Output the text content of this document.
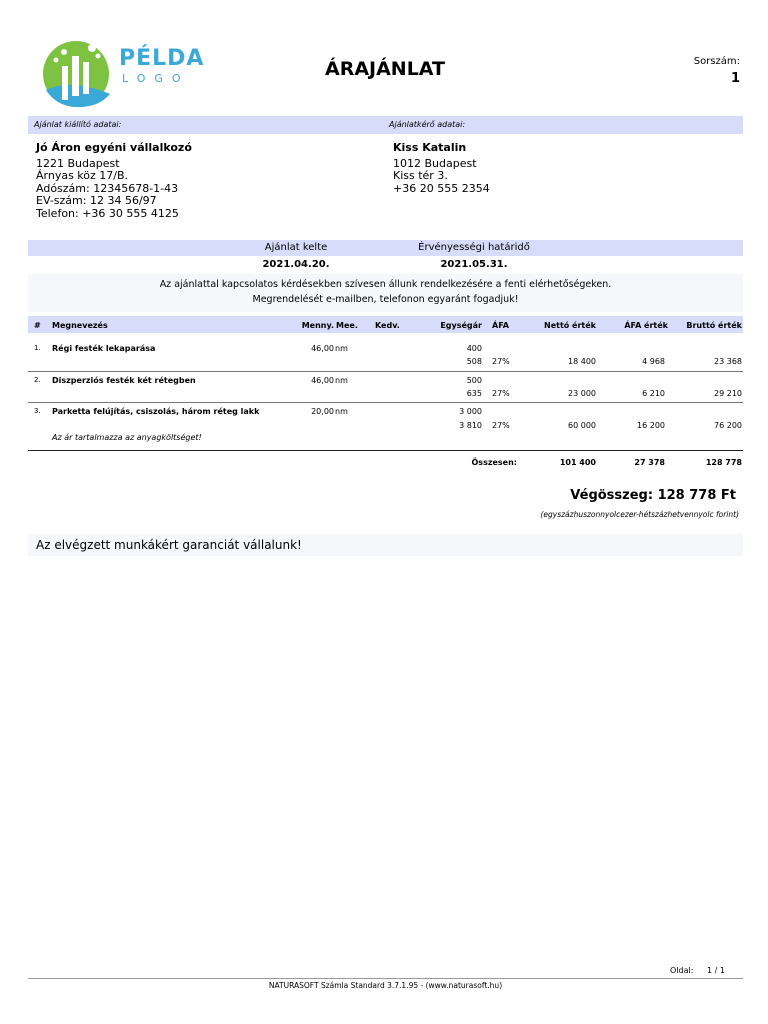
PÉLDA
LOGO	ÁRAJÁNLAT	Sorszám:
1
Ajánlat kiállító adatai:	Ajánlatkérő adatai:
Jó Áron egyéni vállalkozó
1221 Budapest
Árnyas köz 17/B.
Adószám: 12345678-1-43
EV-szám: 12 34 56/97
Telefon: +36 30 555 4125
Kiss Katalin
1012 Budapest
Kiss tér 3.
+36 20 555 2354
Ajánlat kelte	Érvényességi határidő
2021.04.20.	2021.05.31.
Az ajánlattal kapcsolatos kérdésekben szívesen állunk rendelkezésére a fenti elérhetőségeken.
Megrendelését e-mailben, telefonon egyaránt fogadjuk!
# Megnevezés	Menny. Mee. Kedv.	Egységár ÁFA	Nettó érték	ÁFA érték	Bruttó érték
1. Régi festék lekaparása	46,00 nm	400
508 27%	18 400	4 968	23 368
2. Diszperziós festék két rétegben	46,00 nm	500
635 27%	23 000	6 210	29 210
3. Parketta felújítás, csiszolás, három réteg lakk	20,00 nm	3 000
3 810 27%	60 000	16 200	76 200
Az ár tartalmazza az anyagköltséget!
Összesen:	101 400	27 378	128 778
Végösszeg: 128 778 Ft
(egyszázhuszonnyolcezer-hétszázhetvennyolc forint)
Az elvégzett munkákért garanciát vállalunk!
Oldal: 1 / 1
NATURASOFT Számla Standard 3.7.1.95 - (www.naturasoft.hu)
